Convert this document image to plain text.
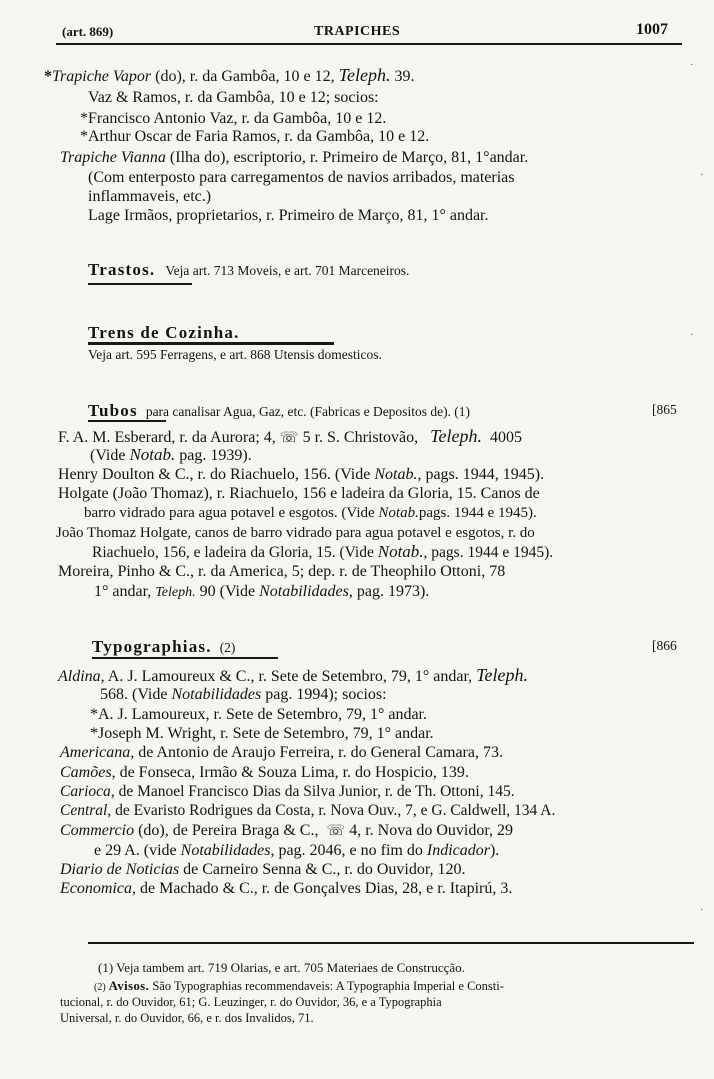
(art. 869)	TRAPICHES	1007
*Trapiche Vapor (do), r. da Gambôa, 10 e 12, Teleph. 39.
Vaz & Ramos, r. da Gambôa, 10 e 12; socios:
*Francisco Antonio Vaz, r. da Gambôa, 10 e 12.
*Arthur Oscar de Faria Ramos, r. da Gambôa, 10 e 12.
Trapiche Vianna (Ilha do), escriptorio, r. Primeiro de Março, 81, 1°andar.
(Com enterposto para carregamentos de navios arribados, materias
inflammaveis, etc.)
Lage Irmãos, proprietarios, r. Primeiro de Março, 81, 1° andar.
Trastos. Veja art. 713 Moveis, e art. 701 Marceneiros.
Trens de Cozinha.
Veja art. 595 Ferragens, e art. 868 Utensis domesticos.
Tubos para canalisar Agua, Gaz, etc. (Fabricas e Depositos de). (1)	[865
F. A. M. Esberard, r. da Aurora; 4, ☏ 5 r. S. Christovão, Teleph. 4005
(Vide Notab. pag. 1939).
Henry Doulton & C., r. do Riachuelo, 156. (Vide Notab., pags. 1944, 1945).
Holgate (João Thomaz), r. Riachuelo, 156 e ladeira da Gloria, 15. Canos de
barro vidrado para agua potavel e esgotos. (Vide Notab.pags. 1944 e 1945).
João Thomaz Holgate, canos de barro vidrado para agua potavel e esgotos, r. do
Riachuelo, 156, e ladeira da Gloria, 15. (Vide Notab., pags. 1944 e 1945).
Moreira, Pinho & C., r. da America, 5; dep. r. de Theophilo Ottoni, 78
1° andar, Teleph. 90 (Vide Notabilidades, pag. 1973).
Typographias. (2)	[866
Aldina, A. J. Lamoureux & C., r. Sete de Setembro, 79, 1° andar, Teleph.
568. (Vide Notabilidades pag. 1994); socios:
*A. J. Lamoureux, r. Sete de Setembro, 79, 1° andar.
*Joseph M. Wright, r. Sete de Setembro, 79, 1° andar.
Americana, de Antonio de Araujo Ferreira, r. do General Camara, 73.
Camões, de Fonseca, Irmão & Souza Lima, r. do Hospicio, 139.
Carioca, de Manoel Francisco Dias da Silva Junior, r. de Th. Ottoni, 145.
Central, de Evaristo Rodrigues da Costa, r. Nova Ouv., 7, e G. Caldwell, 134 A.
Commercio (do), de Pereira Braga & C., ☏ 4, r. Nova do Ouvidor, 29
e 29 A. (vide Notabilidades, pag. 2046, e no fim do Indicador).
Diario de Noticias de Carneiro Senna & C., r. do Ouvidor, 120.
Economica, de Machado & C., r. de Gonçalves Dias, 28, e r. Itapirú, 3.
(1) Veja tambem art. 719 Olarias, e art. 705 Materiaes de Construcção.
(2) Avisos. São Typographias recommendaveis: A Typographia Imperial e Consti-
tucional, r. do Ouvidor, 61; G. Leuzinger, r. do Ouvidor, 36, e a Typographia
Universal, r. do Ouvidor, 66, e r. dos Invalidos, 71.
·
·
·
·
